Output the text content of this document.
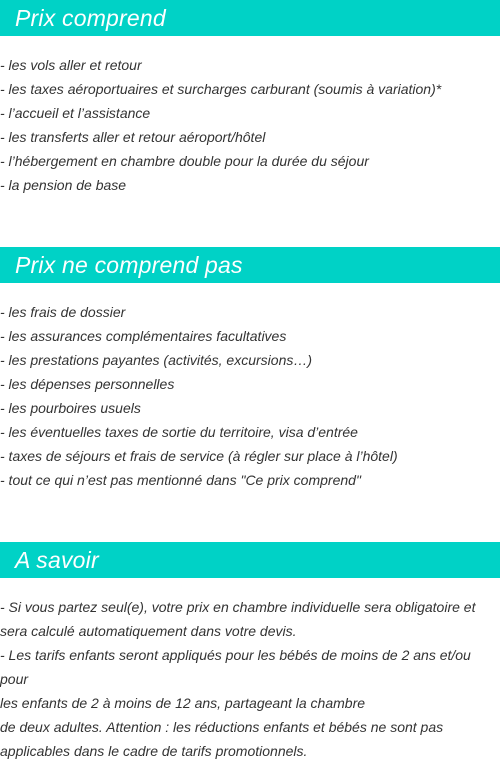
Prix comprend
- les vols aller et retour
- les taxes aéroportuaires et surcharges carburant (soumis à variation)*
- l’accueil et l’assistance
- les transferts aller et retour aéroport/hôtel
- l’hébergement en chambre double pour la durée du séjour
- la pension de base
Prix ne comprend pas
- les frais de dossier
- les assurances complémentaires facultatives
- les prestations payantes (activités, excursions…)
- les dépenses personnelles
- les pourboires usuels
- les éventuelles taxes de sortie du territoire, visa d’entrée
- taxes de séjours et frais de service (à régler sur place à l’hôtel)
- tout ce qui n’est pas mentionné dans "Ce prix comprend"
A savoir

- Si vous partez seul(e), votre prix en chambre individuelle sera obligatoire et

sera calculé automatiquement dans votre devis.

- Les tarifs enfants seront appliqués pour les bébés de moins de 2 ans et/ou pour

les enfants de 2 à moins de 12 ans, partageant la chambre

de deux adultes. Attention : les réductions enfants et bébés ne sont pas

applicables dans le cadre de tarifs promotionnels.
